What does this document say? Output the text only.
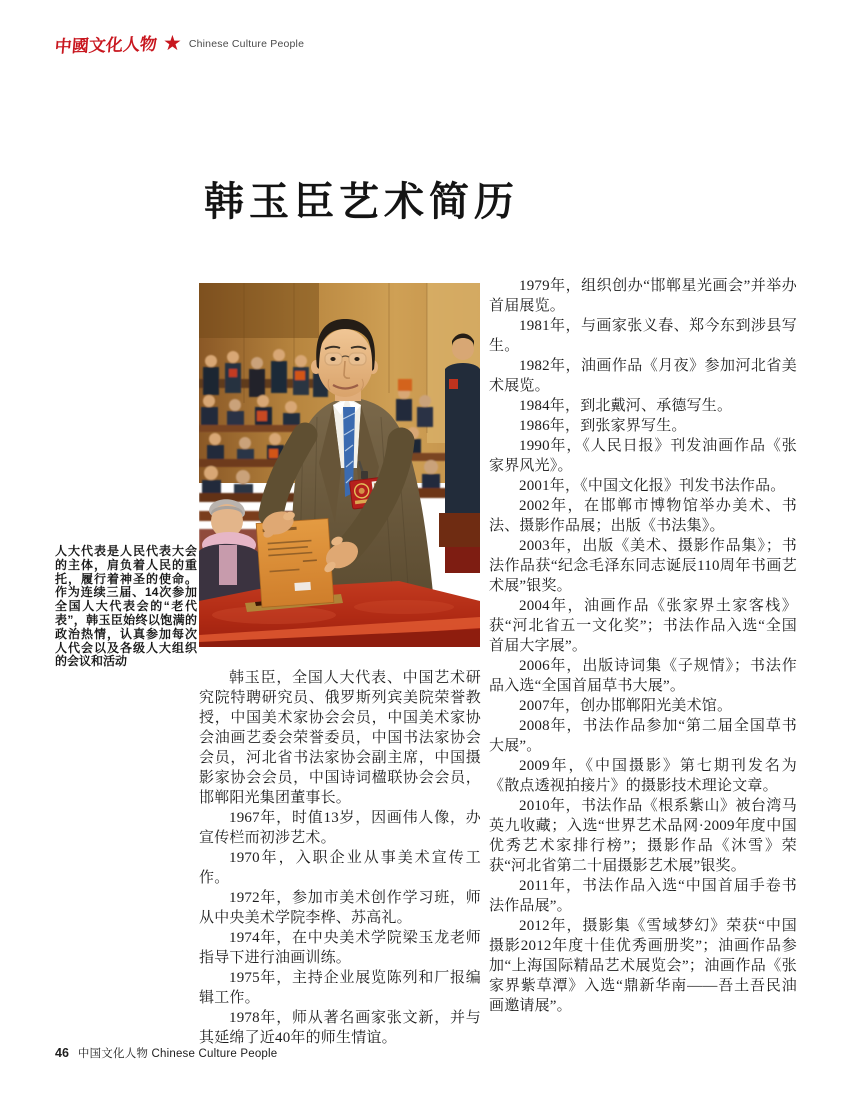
中國文化人物 ★ Chinese Culture People
韩玉臣艺术简历
人大代表是人民代表大会的主体，肩负着人民的重托，履行着神圣的使命。作为连续三届、14次参加全国人大代表会的“老代表”，韩玉臣始终以饱满的政治热情，认真参加每次人代会以及各级人大组织的会议和活动

韩玉臣，全国人大代表、中国艺术研究院特聘研究员、俄罗斯列宾美院荣誉教授，中国美术家协会会员，中国美术家协会油画艺委会荣誉委员，中国书法家协会会员，河北省书法家协会副主席，中国摄影家协会会员，中国诗词楹联协会会员，邯郸阳光集团董事长。

1967年，时值13岁，因画伟人像，办宣传栏而初涉艺术。

1970年，入职企业从事美术宣传工作。

1972年，参加市美术创作学习班，师从中央美术学院李桦、苏高礼。

1974年，在中央美术学院梁玉龙老师指导下进行油画训练。

1975年，主持企业展览陈列和厂报编辑工作。

1978年，师从著名画家张文新，并与其延绵了近40年的师生情谊。

1979年，组织创办“邯郸星光画会”并举办首届展览。

1981年，与画家张义春、郑今东到涉县写生。

1982年，油画作品《月夜》参加河北省美术展览。

1984年，到北戴河、承德写生。

1986年，到张家界写生。

1990年，《人民日报》刊发油画作品《张家界风光》。

2001年，《中国文化报》刊发书法作品。

2002年，在邯郸市博物馆举办美术、书法、摄影作品展；出版《书法集》。

2003年，出版《美术、摄影作品集》；书法作品获“纪念毛泽东同志诞辰110周年书画艺术展”银奖。

2004年，油画作品《张家界土家客栈》获“河北省五一文化奖”；书法作品入选“全国首届大字展”。

2006年，出版诗词集《子规情》；书法作品入选“全国首届草书大展”。

2007年，创办邯郸阳光美术馆。

2008年，书法作品参加“第二届全国草书大展”。

2009年，《中国摄影》第七期刊发名为《散点透视拍接片》的摄影技术理论文章。

2010年，书法作品《根系紫山》被台湾马英九收藏；入选“世界艺术品网·2009年度中国优秀艺术家排行榜”；摄影作品《沐雪》荣获“河北省第二十届摄影艺术展”银奖。

2011年，书法作品入选“中国首届手卷书法作品展”。

2012年，摄影集《雪域梦幻》荣获“中国摄影2012年度十佳优秀画册奖”；油画作品参加“上海国际精品艺术展览会”；油画作品《张家界紫草潭》入选“鼎新华南——吾土吾民油画邀请展”。

46 中国文化人物 Chinese Culture People
